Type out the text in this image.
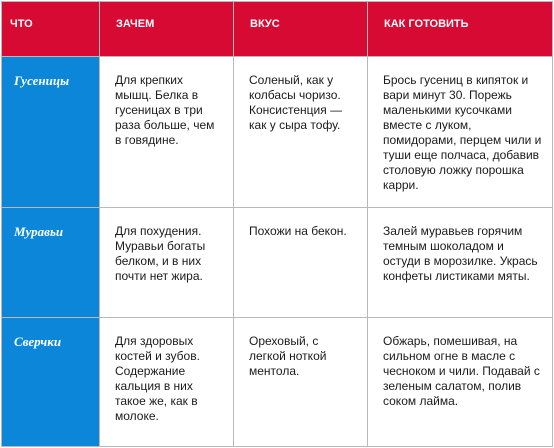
ЧТО	ЗАЧЕМ	ВКУС	КАК ГОТОВИТЬ
Гусеницы	Для крепких мышц. Белка в гусеницах в три раза больше, чем в говядине.	Соленый, как у колбасы чоризо. Консистенция — как у сыра тофу.	Брось гусениц в кипяток и вари минут 30. Порежь маленькими кусочками вместе с луком, помидорами, перцем чили и туши еще полчаса, добавив столовую ложку порошка карри.
Муравьи	Для похудения. Муравьи богаты белком, и в них почти нет жира.	Похожи на бекон.	Залей муравьев горячим темным шоколадом и остуди в морозилке. Укрась конфеты листиками мяты.
Сверчки	Для здоровых костей и зубов. Содержание кальция в них такое же, как в молоке.	Ореховый, с легкой ноткой ментола.	Обжарь, помешивая, на сильном огне в масле с чесноком и чили. Подавай с зеленым салатом, полив соком лайма.
